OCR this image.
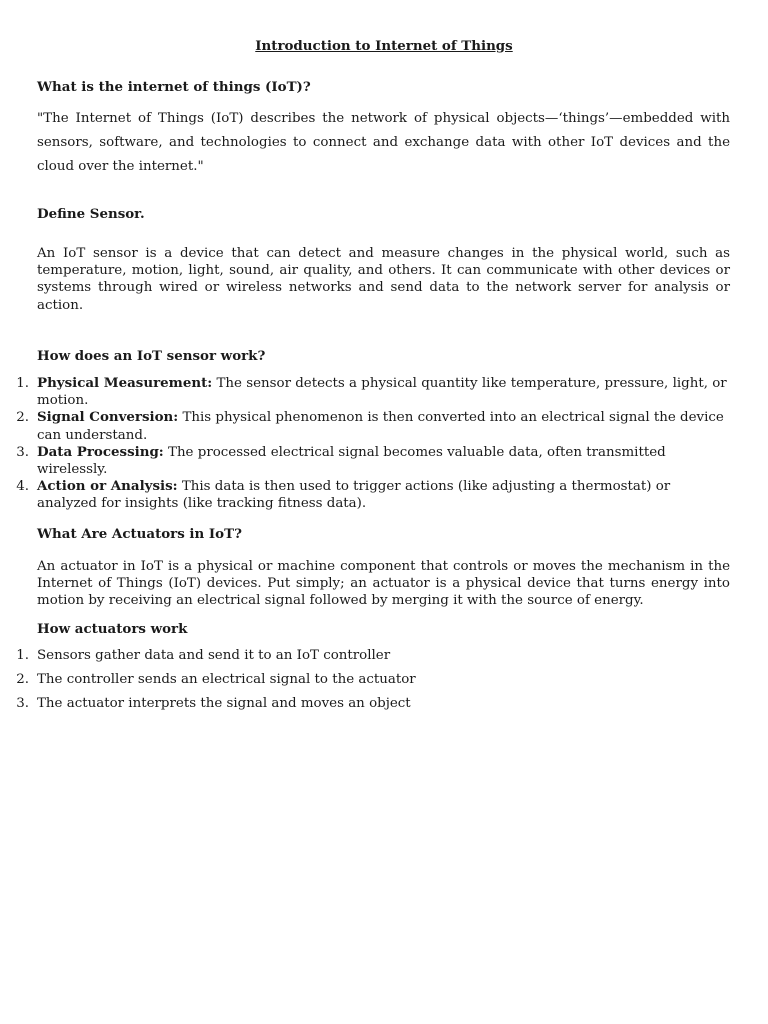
Introduction to Internet of Things
What is the internet of things (IoT)?
"The Internet of Things (IoT) describes the network of physical objects—‘things’—embedded with sensors, software, and technologies to connect and exchange data with other IoT devices and the cloud over the internet."
Define Sensor.
An IoT sensor is a device that can detect and measure changes in the physical world, such as temperature, motion, light, sound, air quality, and others. It can communicate with other devices or systems through wired or wireless networks and send data to the network server for analysis or action.
How does an IoT sensor work?
1. Physical Measurement: The sensor detects a physical quantity like temperature, pressure, light, or motion.
2. Signal Conversion: This physical phenomenon is then converted into an electrical signal the device can understand.
3. Data Processing: The processed electrical signal becomes valuable data, often transmitted wirelessly.
4. Action or Analysis: This data is then used to trigger actions (like adjusting a thermostat) or analyzed for insights (like tracking fitness data).
What Are Actuators in IoT?
An actuator in IoT is a physical or machine component that controls or moves the mechanism in the Internet of Things (IoT) devices. Put simply; an actuator is a physical device that turns energy into motion by receiving an electrical signal followed by merging it with the source of energy.
How actuators work
1. Sensors gather data and send it to an IoT controller
2. The controller sends an electrical signal to the actuator
3. The actuator interprets the signal and moves an object
